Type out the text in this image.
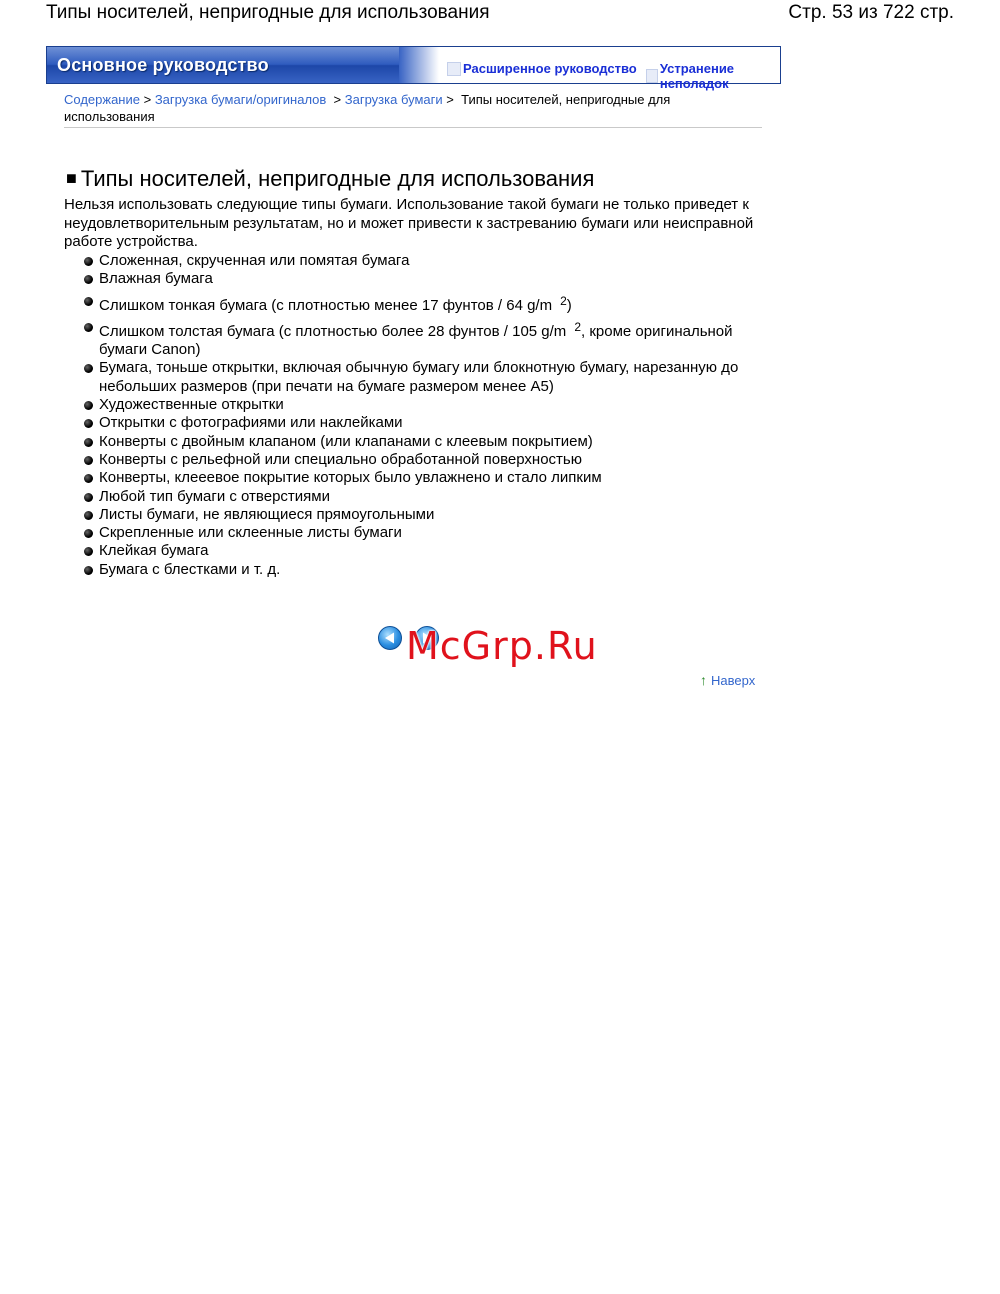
Типы носителей, непригодные для использования	Стр. 53 из 722 стр.
Основное руководство	Расширенное руководство Устранение неполадок
Содержание > Загрузка бумаги/оригиналов > Загрузка бумаги > Типы носителей, непригодные для использования
■ Типы носителей, непригодные для использования
Нельзя использовать следующие типы бумаги. Использование такой бумаги не только приведет к неудовлетворительным результатам, но и может привести к застреванию бумаги или неисправной работе устройства.
Сложенная, скрученная или помятая бумага
Влажная бумага
Слишком тонкая бумага (с плотностью менее 17 фунтов / 64 g/m $^2$)
Слишком толстая бумага (с плотностью более 28 фунтов / 105 g/m $^2$, кроме оригинальной бумаги Canon)
Бумага, тоньше открытки, включая обычную бумагу или блокнотную бумагу, нарезанную до небольших размеров (при печати на бумаге размером менее A5)
Художественные открытки
Открытки с фотографиями или наклейками
Конверты с двойным клапаном (или клапанами с клеевым покрытием)
Конверты с рельефной или специально обработанной поверхностью
Конверты, клееевое покрытие которых было увлажнено и стало липким
Любой тип бумаги с отверстиями
Листы бумаги, не являющиеся прямоугольными
Скрепленные или склеенные листы бумаги
Клейкая бумага
Бумага с блестками и т. д.
McGrp.Ru
↑ Наверх
